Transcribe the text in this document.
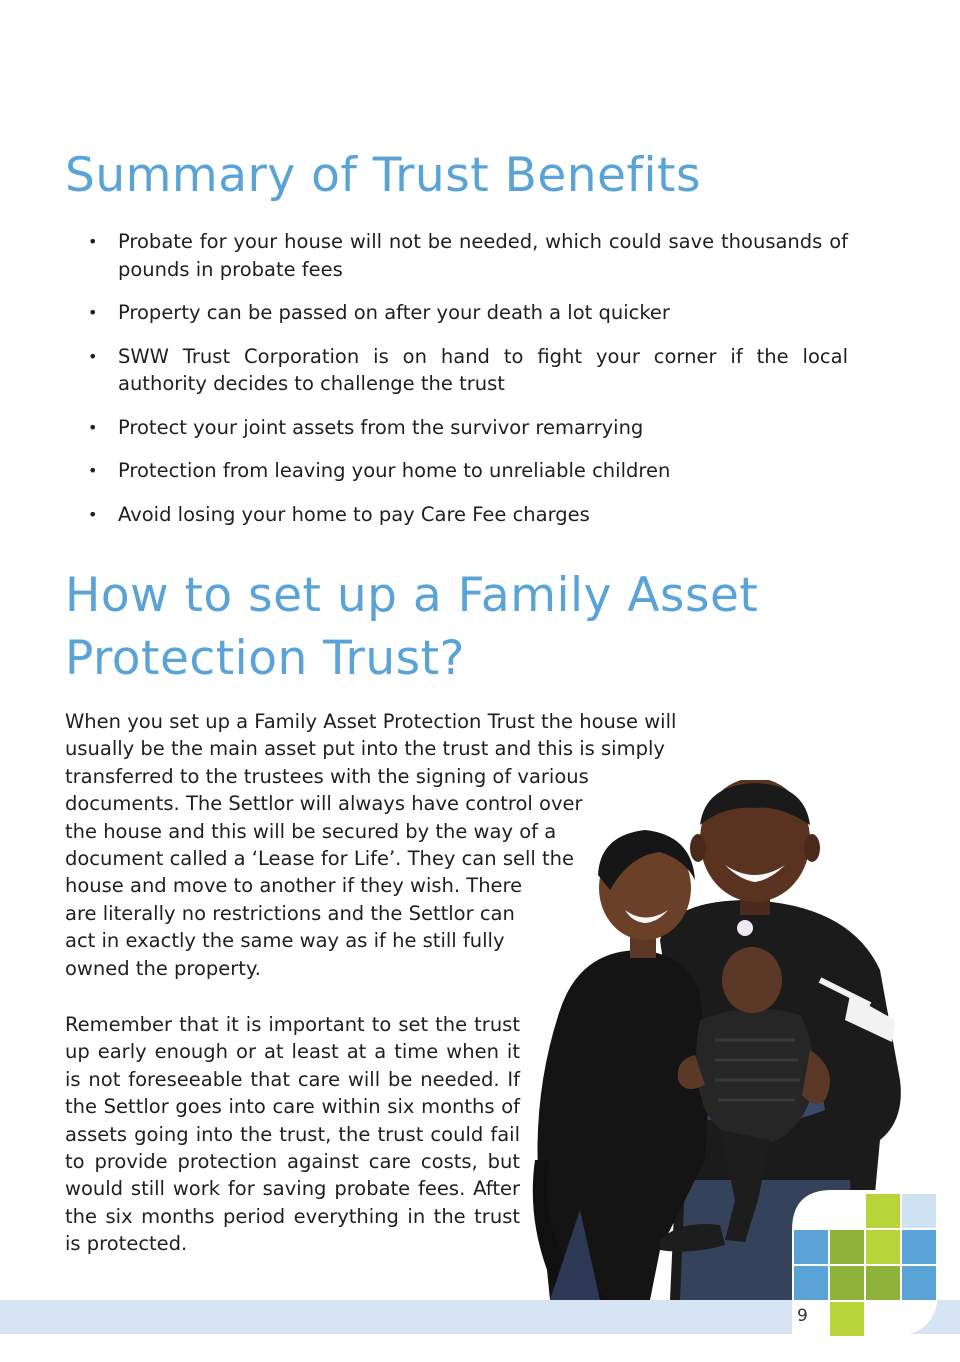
Summary of Trust Benefits
• Probate for your house will not be needed, which could save thousands of pounds in probate fees
• Property can be passed on after your death a lot quicker
• SWW Trust Corporation is on hand to fight your corner if the local authority decides to challenge the trust
• Protect your joint assets from the survivor remarrying
• Protection from leaving your home to unreliable children
• Avoid losing your home to pay Care Fee charges
How to set up a Family Asset Protection Trust?

When you set up a Family Asset Protection Trust the house will
usually be the main asset put into the trust and this is simply
transferred to the trustees with the signing of various
documents. The Settlor will always have control over
the house and this will be secured by the way of a
document called a ‘Lease for Life’. They can sell the
house and move to another if they wish. There
are literally no restrictions and the Settlor can
act in exactly the same way as if he still fully
owned the property.

Remember that it is important to set the trust up early enough or at least at a time when it is not foreseeable that care will be needed. If the Settlor goes into care within six months of assets going into the trust, the trust could fail to provide protection against care costs, but would still work for saving probate fees. After the six months period everything in the trust is protected.

9
